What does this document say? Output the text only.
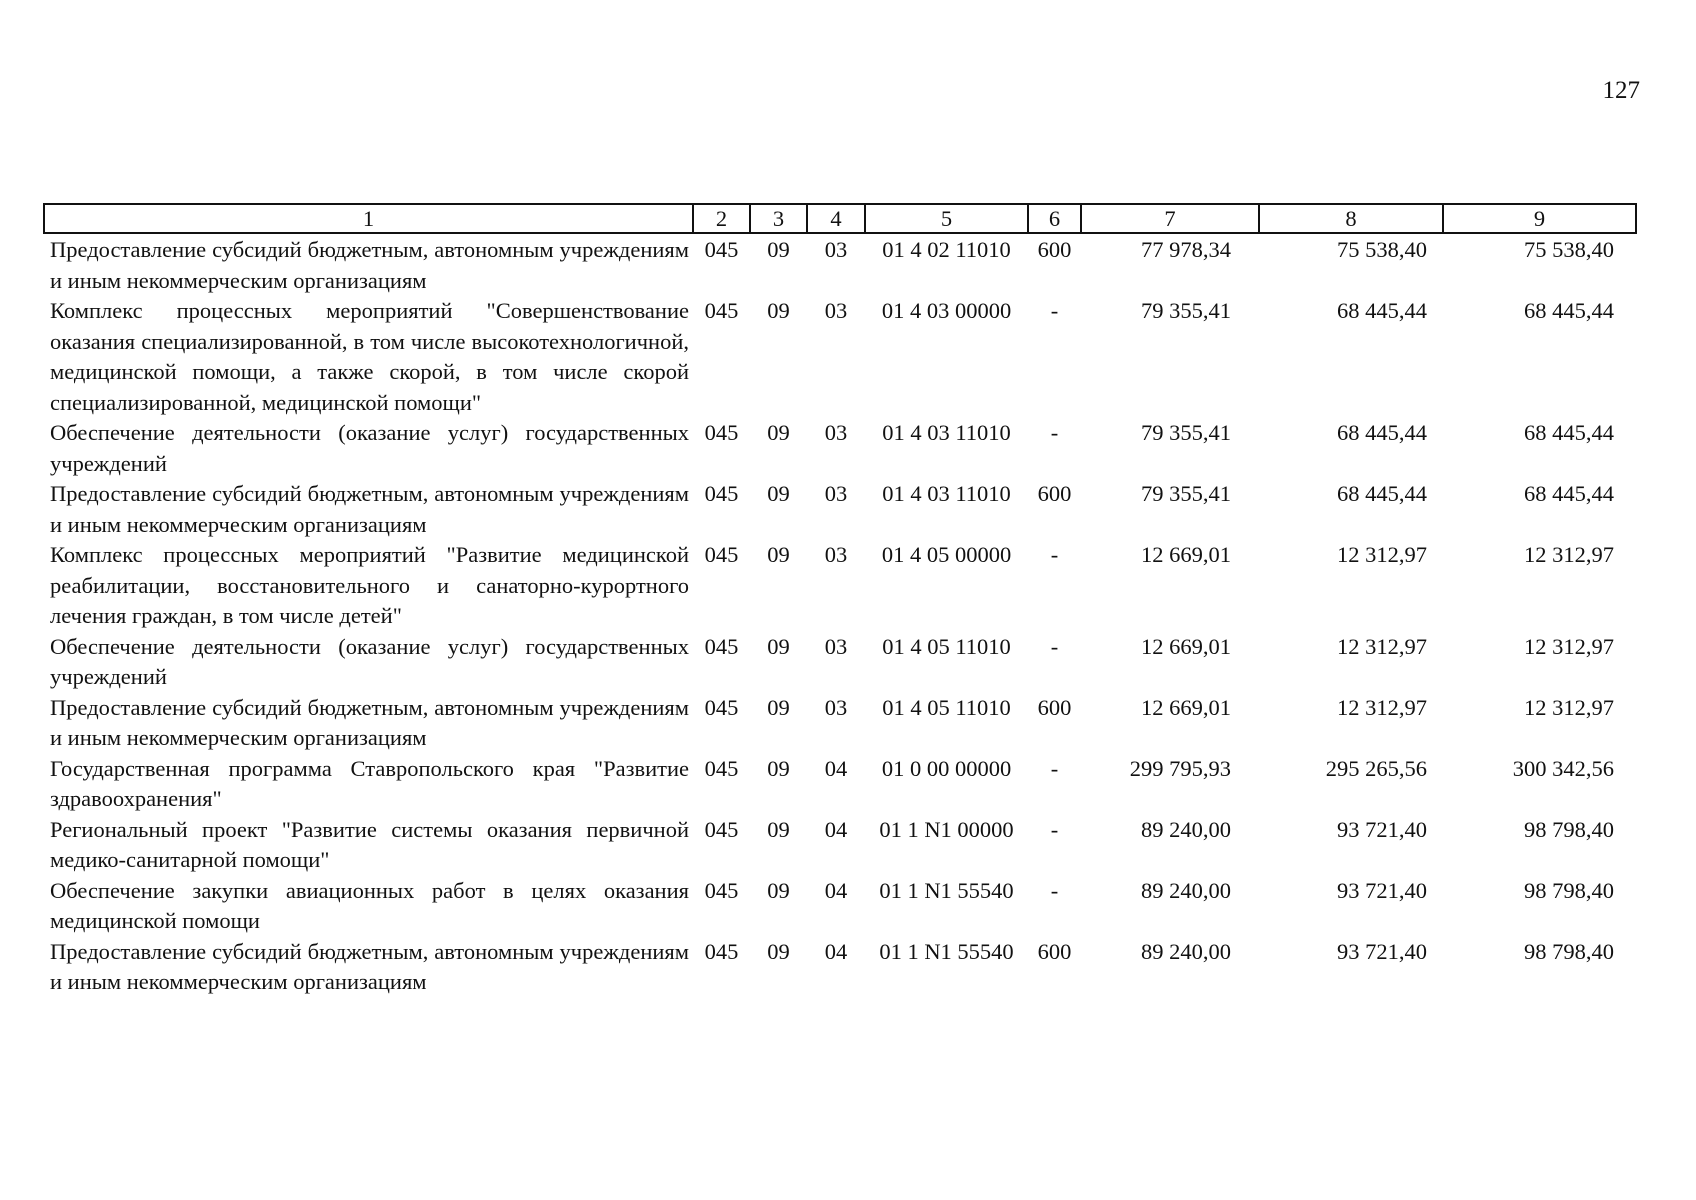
127
1	2	3	4	5	6	7	8	9
Предоставление субсидий бюджетным, автономным учреждениям и иным некоммерческим организациям	045	09	03	01 4 02 11010	600	77 978,34	75 538,40	75 538,40
Комплекс процессных мероприятий "Совершенствование оказания специализированной, в том числе высокотехнологичной, медицинской помощи, а также скорой, в том числе скорой специализированной, медицинской помощи"	045	09	03	01 4 03 00000	-	79 355,41	68 445,44	68 445,44
Обеспечение деятельности (оказание услуг) государственных учреждений	045	09	03	01 4 03 11010	-	79 355,41	68 445,44	68 445,44
Предоставление субсидий бюджетным, автономным учреждениям и иным некоммерческим организациям	045	09	03	01 4 03 11010	600	79 355,41	68 445,44	68 445,44
Комплекс процессных мероприятий "Развитие медицинской реабилитации, восстановительного и санаторно-курортного лечения граждан, в том числе детей"	045	09	03	01 4 05 00000	-	12 669,01	12 312,97	12 312,97
Обеспечение деятельности (оказание услуг) государственных учреждений	045	09	03	01 4 05 11010	-	12 669,01	12 312,97	12 312,97
Предоставление субсидий бюджетным, автономным учреждениям и иным некоммерческим организациям	045	09	03	01 4 05 11010	600	12 669,01	12 312,97	12 312,97
Государственная программа Ставропольского края "Развитие здравоохранения"	045	09	04	01 0 00 00000	-	299 795,93	295 265,56	300 342,56
Региональный проект "Развитие системы оказания первичной медико-санитарной помощи"	045	09	04	01 1 N1 00000	-	89 240,00	93 721,40	98 798,40
Обеспечение закупки авиационных работ в целях оказания медицинской помощи	045	09	04	01 1 N1 55540	-	89 240,00	93 721,40	98 798,40
Предоставление субсидий бюджетным, автономным учреждениям и иным некоммерческим организациям	045	09	04	01 1 N1 55540	600	89 240,00	93 721,40	98 798,40
